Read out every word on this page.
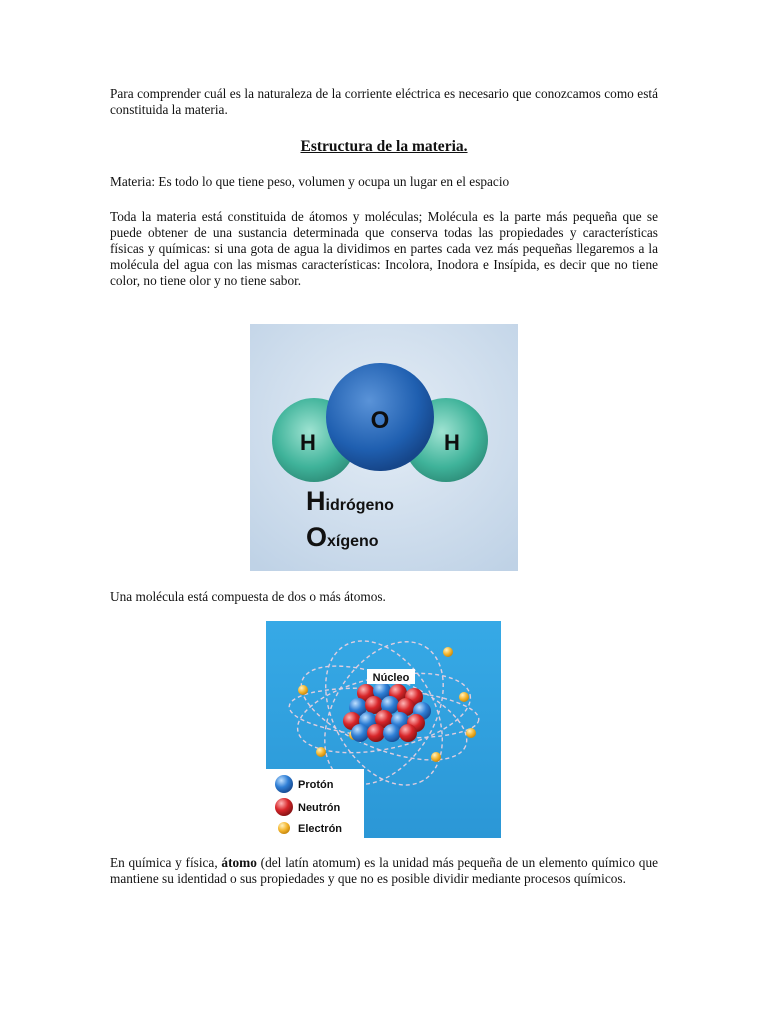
Para comprender cuál es la naturaleza de la corriente eléctrica es necesario que conozcamos como está constituida la materia.

Estructura de la materia.

Materia: Es todo lo que tiene peso, volumen y ocupa un lugar en el espacio

Toda la materia está constituida de átomos y moléculas; Molécula es la parte más pequeña que se puede obtener de una sustancia determinada que conserva todas las propiedades y características físicas y químicas: si una gota de agua la dividimos en partes cada vez más pequeñas llegaremos a la molécula del agua con las mismas características: Incolora, Inodora e Insípida, es decir que no tiene color, no tiene olor y no tiene sabor.

O
H	H
Hidrógeno
Oxígeno

Una molécula está compuesta de dos o más átomos.

Núcleo
Protón
Neutrón
Electrón

En química y física, átomo (del latín atomum) es la unidad más pequeña de un elemento químico que mantiene su identidad o sus propiedades y que no es posible dividir mediante procesos químicos.
